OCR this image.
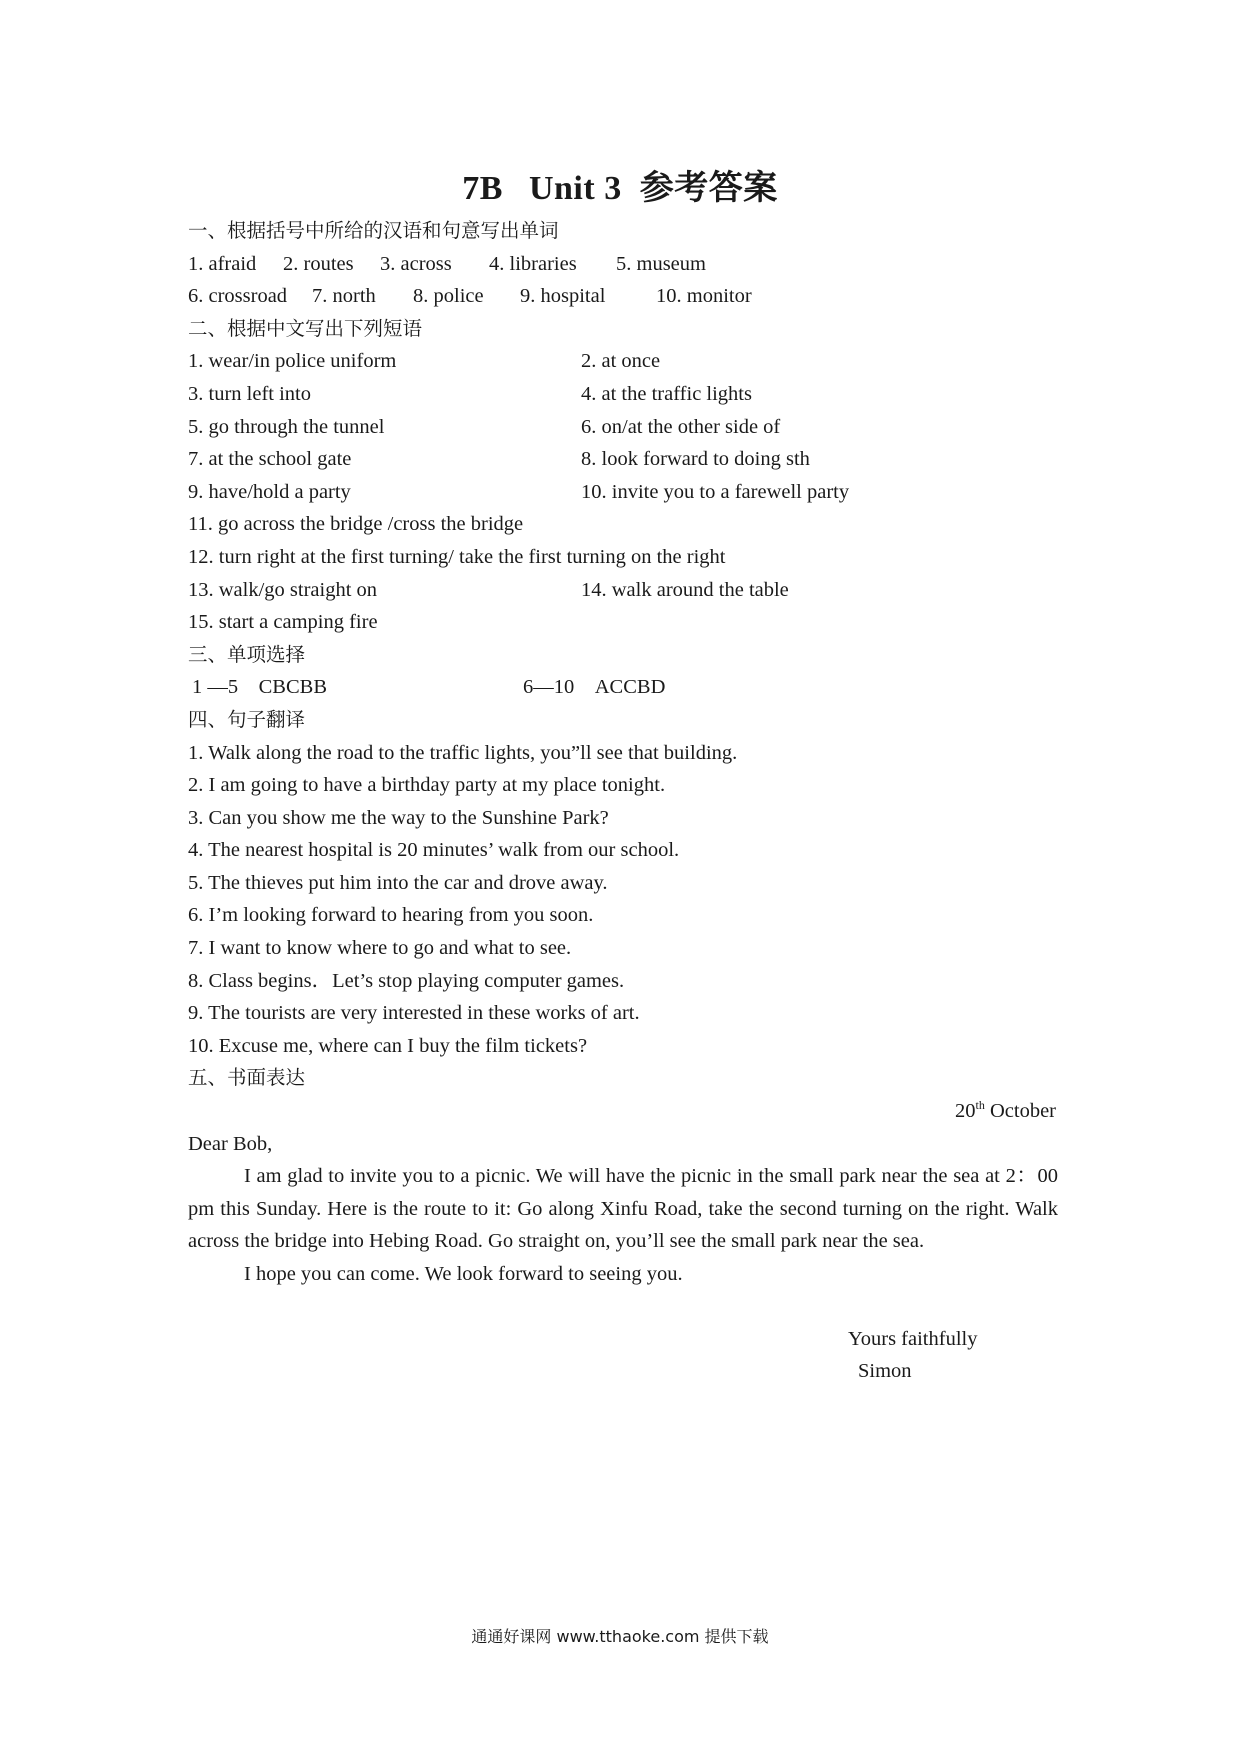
7B Unit 3 参考答案
一、根据括号中所给的汉语和句意写出单词
1. afraid 2. routes 3. across 4. libraries 5. museum
6. crossroad 7. north 8. police 9. hospital 10. monitor
二、根据中文写出下列短语
1. wear/in police uniform	2. at once
3. turn left into	4. at the traffic lights
5. go through the tunnel	6. on/at the other side of
7. at the school gate	8. look forward to doing sth
9. have/hold a party	10. invite you to a farewell party
11. go across the bridge /cross the bridge
12. turn right at the first turning/ take the first turning on the right
13. walk/go straight on	14. walk around the table
15. start a camping fire
三、单项选择
1 —5 CBCBB	6—10 ACCBD
四、句子翻译
1. Walk along the road to the traffic lights, you”ll see that building.
2. I am going to have a birthday party at my place tonight.
3. Can you show me the way to the Sunshine Park?
4. The nearest hospital is 20 minutes’ walk from our school.
5. The thieves put him into the car and drove away.
6. I’m looking forward to hearing from you soon.
7. I want to know where to go and what to see.
8. Class begins．Let’s stop playing computer games.
9. The tourists are very interested in these works of art.
10. Excuse me, where can I buy the film tickets?
五、书面表达
20th October
Dear Bob,
I am glad to invite you to a picnic. We will have the picnic in the small park near the sea at 2：00 pm this Sunday. Here is the route to it: Go along Xinfu Road, take the second turning on the right. Walk across the bridge into Hebing Road. Go straight on, you’ll see the small park near the sea.
I hope you can come. We look forward to seeing you.
Yours faithfully
Simon
通通好课网 www.tthaoke.com 提供下载
